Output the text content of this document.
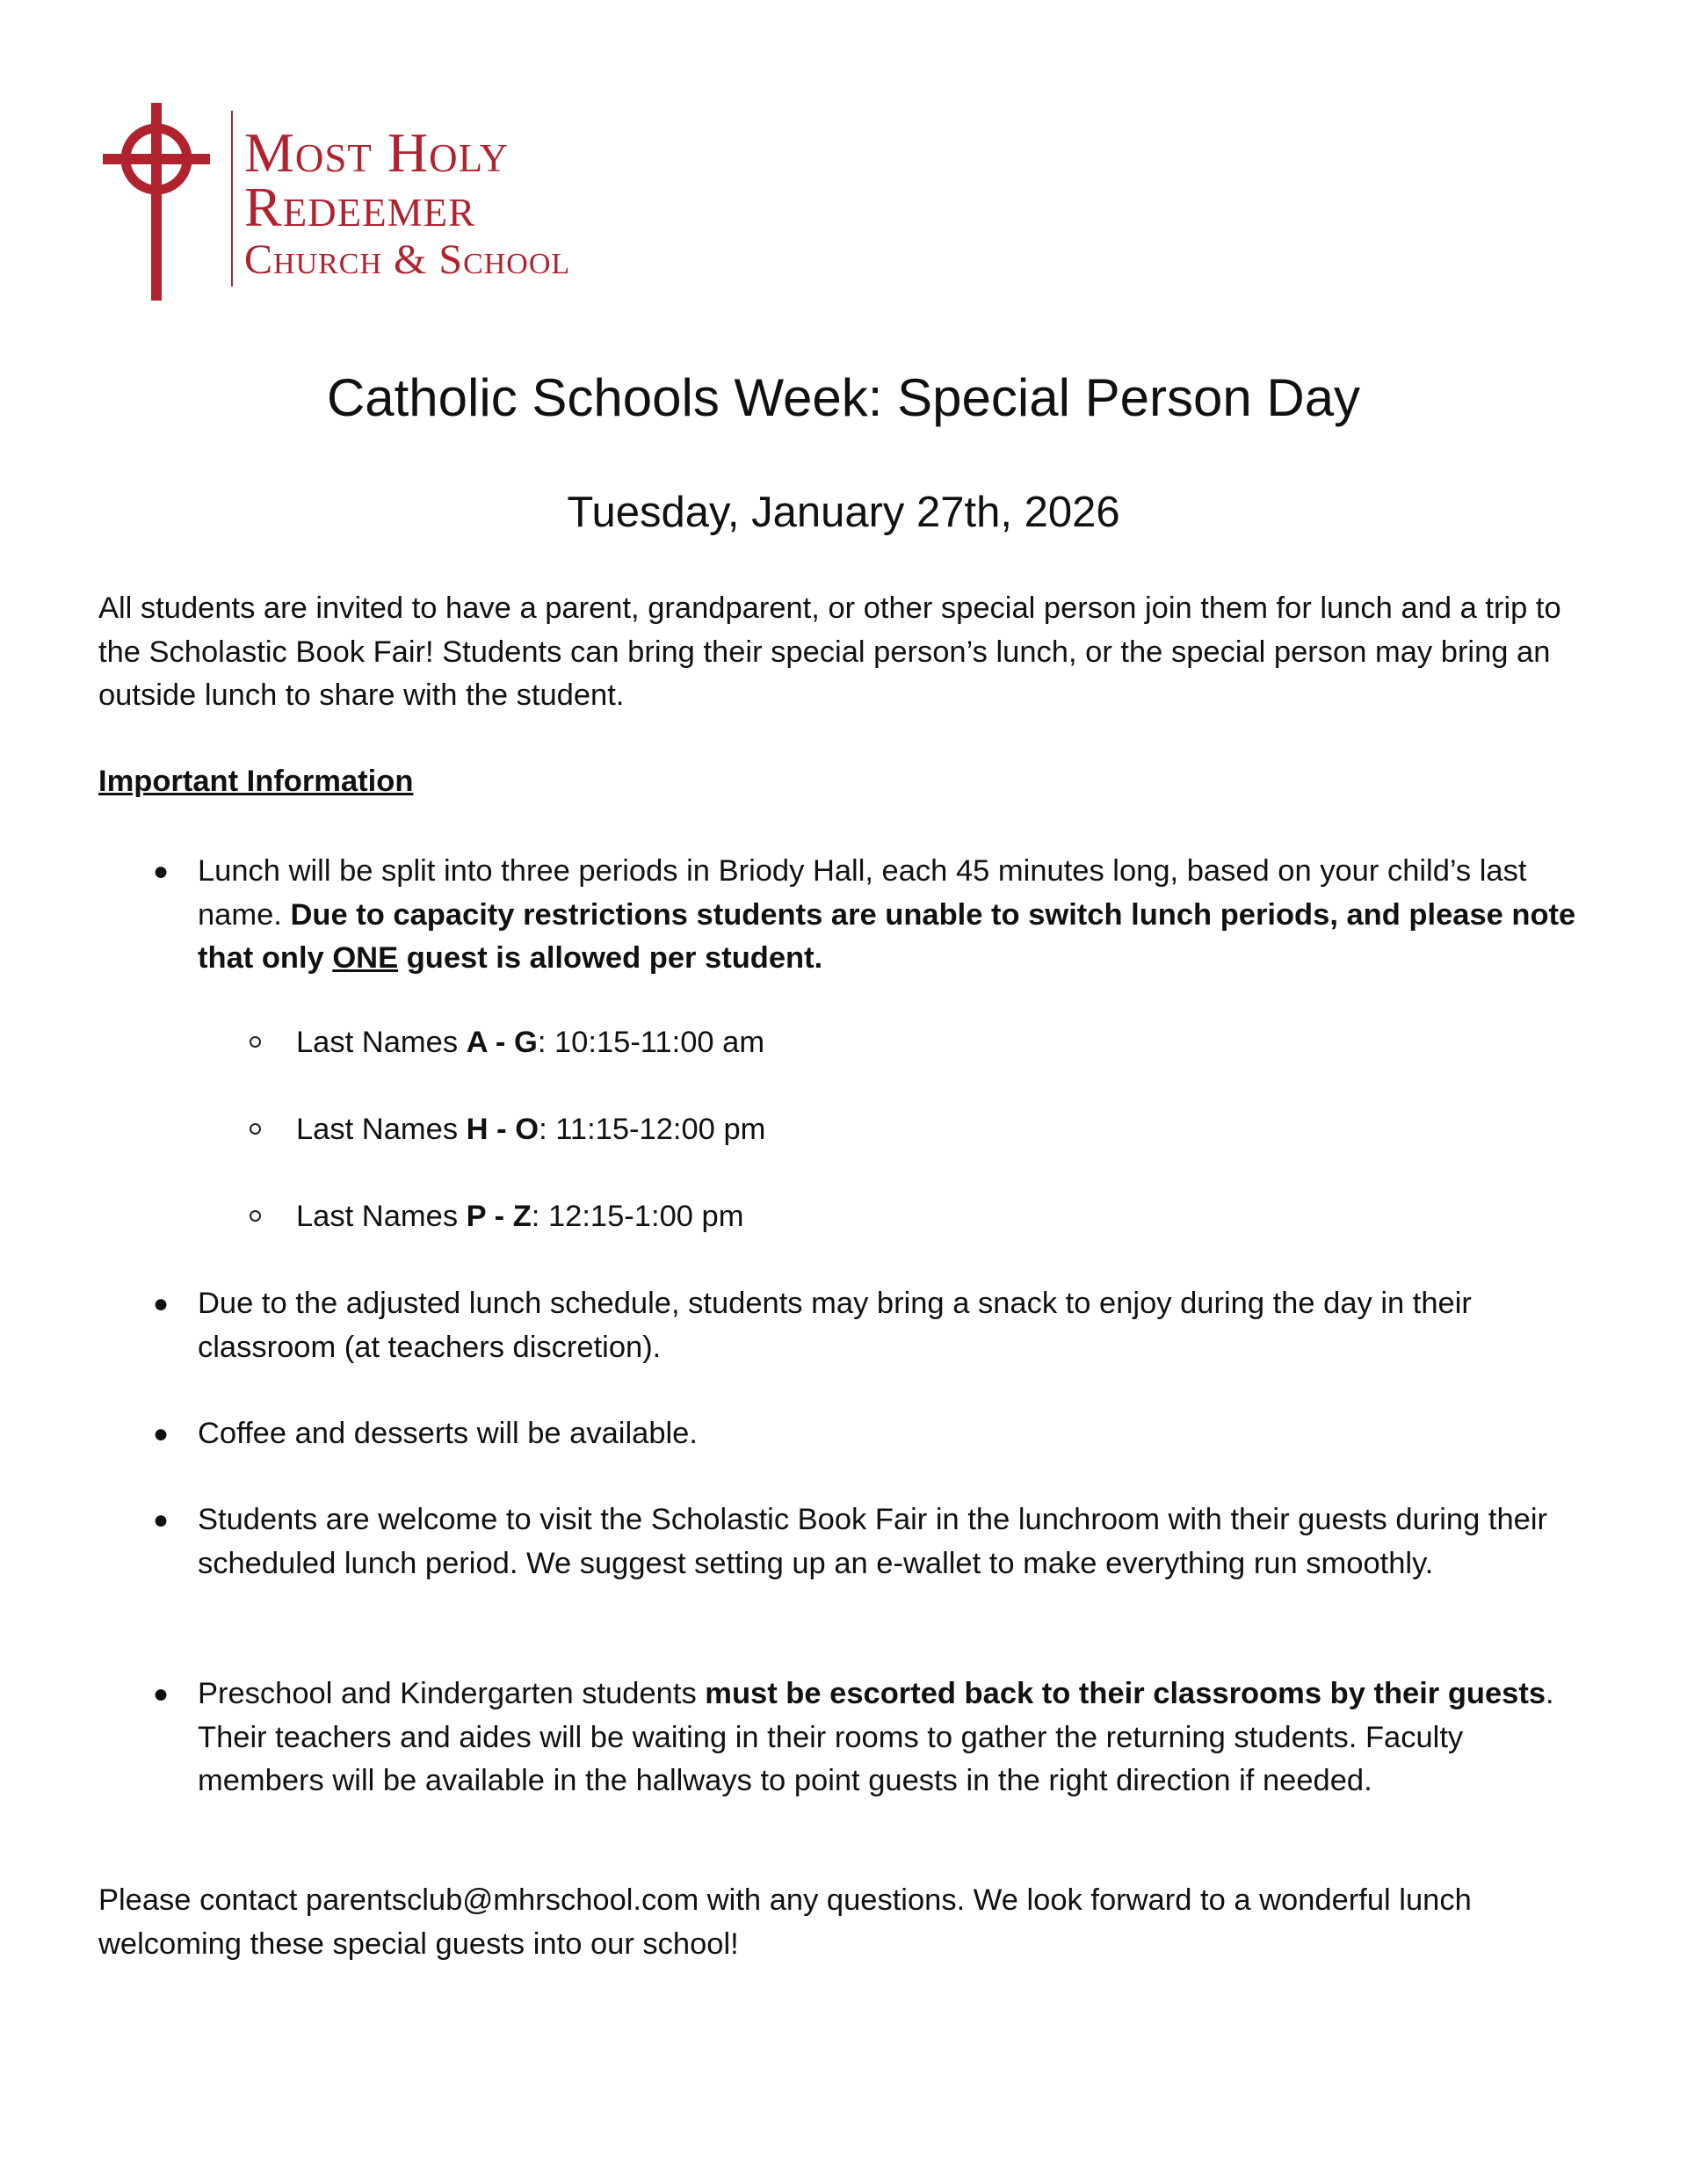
Most Holy
Redeemer
Church & School
Catholic Schools Week: Special Person Day
Tuesday, January 27th, 2026
All students are invited to have a parent, grandparent, or other special person join them for lunch and a trip to the Scholastic Book Fair! Students can bring their special person’s lunch, or the special person may bring an outside lunch to share with the student.
Important Information
● Lunch will be split into three periods in Briody Hall, each 45 minutes long, based on your child’s last name. Due to capacity restrictions students are unable to switch lunch periods, and please note that only ONE guest is allowed per student.
Last Names A - G: 10:15-11:00 am
Last Names H - O: 11:15-12:00 pm
Last Names P - Z: 12:15-1:00 pm
● Due to the adjusted lunch schedule, students may bring a snack to enjoy during the day in their classroom (at teachers discretion).
● Coffee and desserts will be available.
● Students are welcome to visit the Scholastic Book Fair in the lunchroom with their guests during their scheduled lunch period. We suggest setting up an e-wallet to make everything run smoothly.
● Preschool and Kindergarten students must be escorted back to their classrooms by their guests. Their teachers and aides will be waiting in their rooms to gather the returning students. Faculty members will be available in the hallways to point guests in the right direction if needed.
Please contact parentsclub@mhrschool.com with any questions. We look forward to a wonderful lunch welcoming these special guests into our school!
